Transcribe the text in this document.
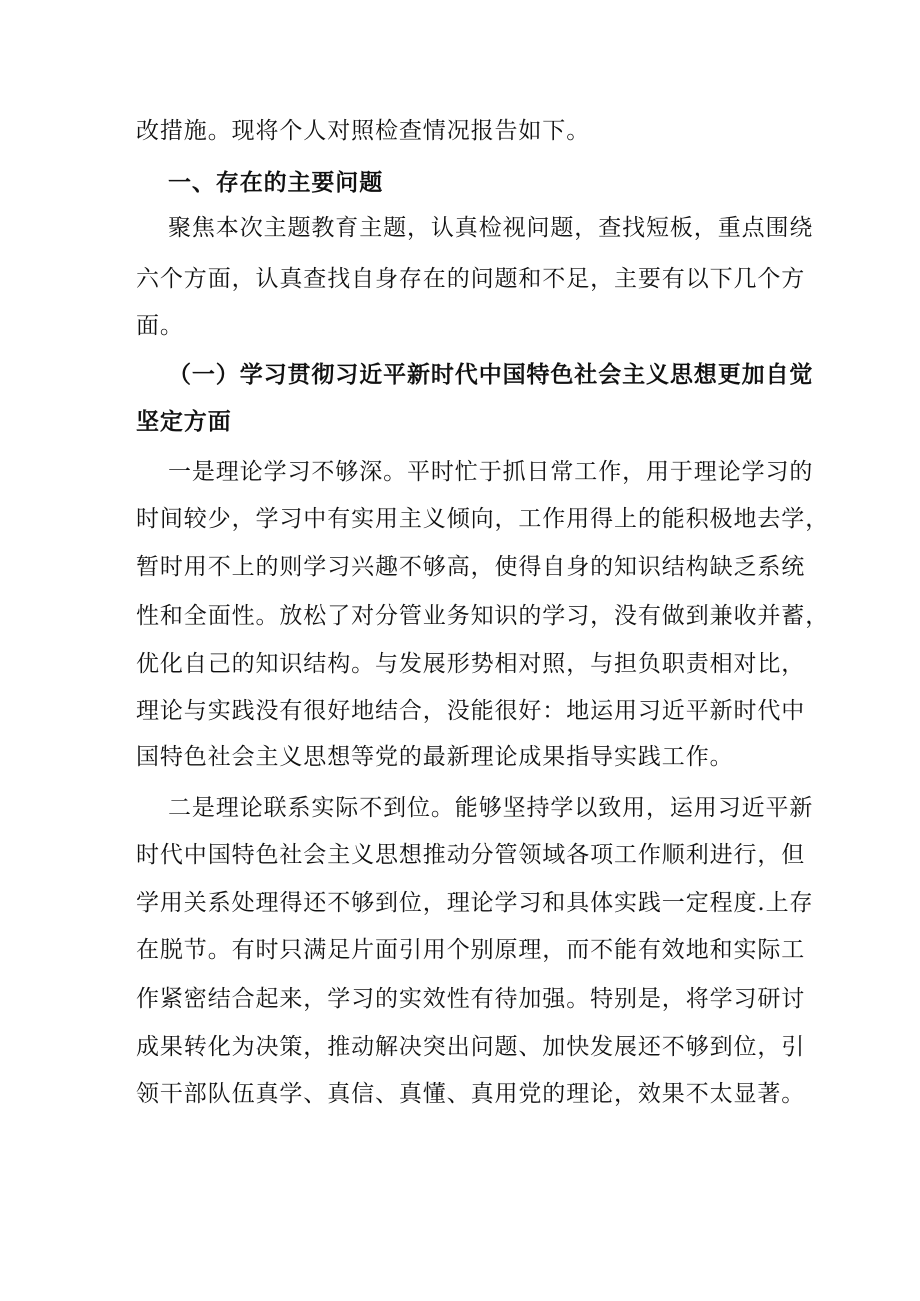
改措施。现将个人对照检查情况报告如下。
一、存在的主要问题
聚焦本次主题教育主题，认真检视问题，查找短板，重点围绕
六个方面，认真查找自身存在的问题和不足，主要有以下几个方
面。
（一）学习贯彻习近平新时代中国特色社会主义思想更加自觉
坚定方面
一是理论学习不够深。平时忙于抓日常工作，用于理论学习的
时间较少，学习中有实用主义倾向，工作用得上的能积极地去学，
暂时用不上的则学习兴趣不够高，使得自身的知识结构缺乏系统
性和全面性。放松了对分管业务知识的学习，没有做到兼收并蓄，
优化自己的知识结构。与发展形势相对照，与担负职责相对比，
理论与实践没有很好地结合，没能很好：地运用习近平新时代中
国特色社会主义思想等党的最新理论成果指导实践工作。
二是理论联系实际不到位。能够坚持学以致用，运用习近平新
时代中国特色社会主义思想推动分管领域各项工作顺利进行，但
学用关系处理得还不够到位，理论学习和具体实践一定程度.上存
在脱节。有时只满足片面引用个别原理，而不能有效地和实际工
作紧密结合起来，学习的实效性有待加强。特别是，将学习研讨
成果转化为决策，推动解决突出问题、加快发展还不够到位，引
领干部队伍真学、真信、真懂、真用党的理论，效果不太显著。
